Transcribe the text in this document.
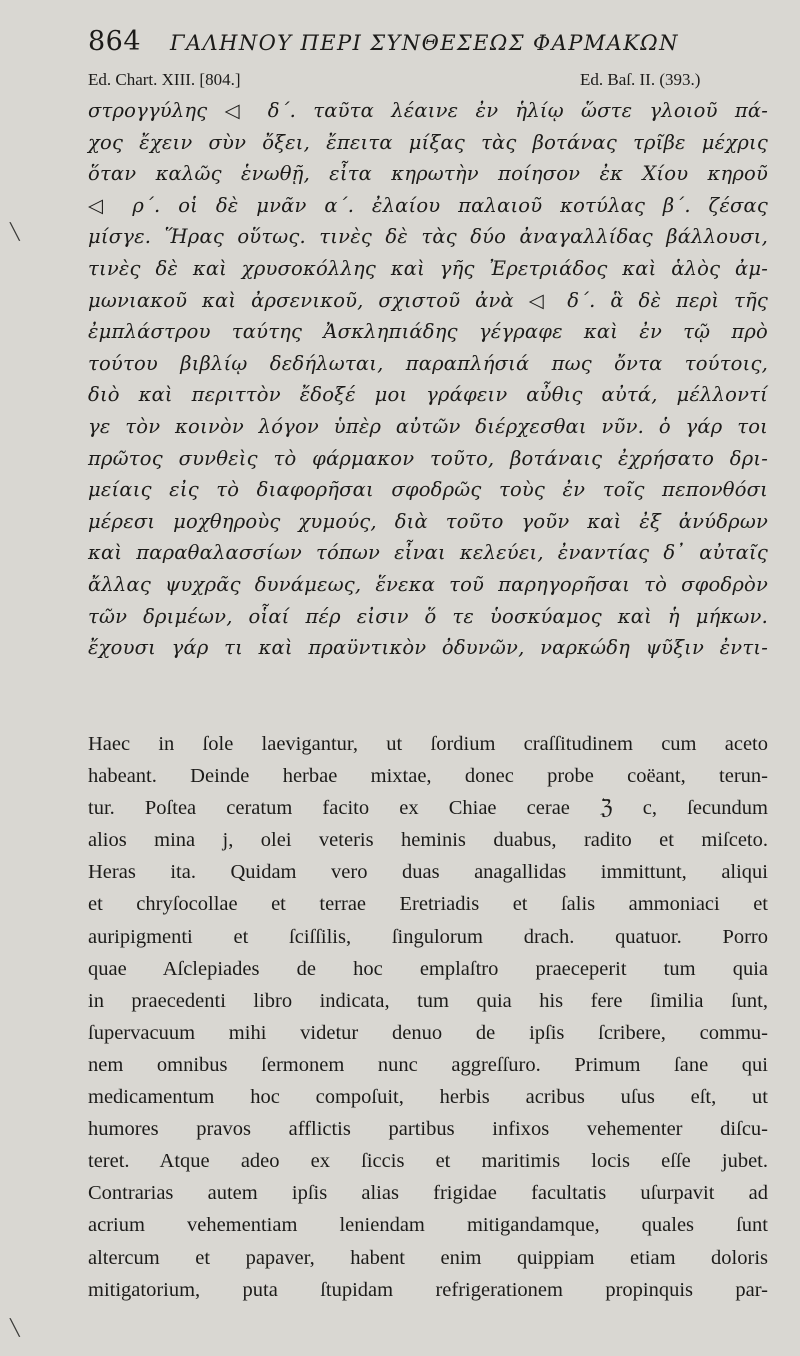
864 ΓΑΛΗΝΟΥ ΠΕΡΙ ΣΥΝΘΕΣΕΩΣ ΦΑΡΜΑΚΩΝ
Ed. Chart. XIII. [804.]	Ed. Baſ. II. (393.)
στρογγύλης ◁ δ΄. ταῦτα λέαινε ἐν ἡλίῳ ὥστε γλοιοῦ πά-
χος ἔχειν σὺν ὄξει, ἔπειτα μίξας τὰς βοτάνας τρῖβε μέχρις
ὅταν καλῶς ἑνωθῇ, εἶτα κηρωτὴν ποίησον ἐκ Χίου κηροῦ
◁ ρ΄. οἱ δὲ μνᾶν α΄. ἐλαίου παλαιοῦ κοτύλας β΄. ζέσας
μίσγε. Ἥρας οὕτως. τινὲς δὲ τὰς δύο ἀναγαλλίδας βάλλουσι,
τινὲς δὲ καὶ χρυσοκόλλης καὶ γῆς Ἐρετριάδος καὶ ἁλὸς ἀμ-
μωνιακοῦ καὶ ἀρσενικοῦ, σχιστοῦ ἀνὰ ◁ δ΄. ἃ δὲ περὶ τῆς
ἐμπλάστρου ταύτης Ἀσκληπιάδης γέγραφε καὶ ἐν τῷ πρὸ
τούτου βιβλίῳ δεδήλωται, παραπλήσιά πως ὄντα τούτοις,
διὸ καὶ περιττὸν ἔδοξέ μοι γράφειν αὖθις αὐτά, μέλλοντί
γε τὸν κοινὸν λόγον ὑπὲρ αὐτῶν διέρχεσθαι νῦν. ὁ γάρ τοι
πρῶτος συνθεὶς τὸ φάρμακον τοῦτο, βοτάναις ἐχρήσατο δρι-
μείαις εἰς τὸ διαφορῆσαι σφοδρῶς τοὺς ἐν τοῖς πεπονθόσι
μέρεσι μοχθηροὺς χυμούς, διὰ τοῦτο γοῦν καὶ ἐξ ἀνύδρων
καὶ παραθαλασσίων τόπων εἶναι κελεύει, ἐναντίας δ᾽ αὐταῖς
ἄλλας ψυχρᾶς δυνάμεως, ἕνεκα τοῦ παρηγορῆσαι τὸ σφοδρὸν
τῶν δριμέων, οἷαί πέρ εἰσιν ὅ τε ὑοσκύαμος καὶ ἡ μήκων.
ἔχουσι γάρ τι καὶ πραϋντικὸν ὀδυνῶν, ναρκώδη ψῦξιν ἐντι-
Haec in ſole laevigantur, ut ſordium craſſitudinem cum aceto
habeant. Deinde herbae mixtae, donec probe coëant, terun-
tur. Poſtea ceratum facito ex Chiae cerae ℨ c, ſecundum
alios mina j, olei veteris heminis duabus, radito et miſceto.
Heras ita. Quidam vero duas anagallidas immittunt, aliqui
et chryſocollae et terrae Eretriadis et ſalis ammoniaci et
auripigmenti et ſciſſilis, ſingulorum drach. quatuor. Porro
quae Aſclepiades de hoc emplaſtro praeceperit tum quia
in praecedenti libro indicata, tum quia his fere ſimilia ſunt,
ſupervacuum mihi videtur denuo de ipſis ſcribere, commu-
nem omnibus ſermonem nunc aggreſſuro. Primum ſane qui
medicamentum hoc compoſuit, herbis acribus uſus eſt, ut
humores pravos afflictis partibus infixos vehementer diſcu-
teret. Atque adeo ex ſiccis et maritimis locis eſſe jubet.
Contrarias autem ipſis alias frigidae facultatis uſurpavit ad
acrium vehementiam leniendam mitigandamque, quales ſunt
altercum et papaver, habent enim quippiam etiam doloris
mitigatorium, puta ſtupidam refrigerationem propinquis par-
╲
╲
